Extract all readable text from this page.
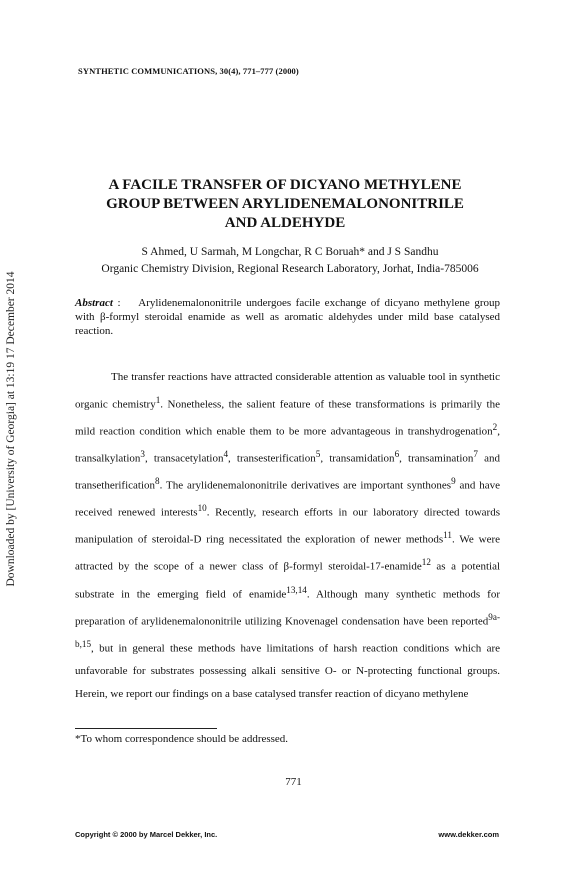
SYNTHETIC COMMUNICATIONS, 30(4), 771–777 (2000)
Downloaded by [University of Georgia] at 13:19 17 December 2014
A FACILE TRANSFER OF DICYANO METHYLENE
GROUP BETWEEN ARYLIDENEMALONONITRILE
AND ALDEHYDE
S Ahmed, U Sarmah, M Longchar, R C Boruah* and J S Sandhu
Organic Chemistry Division, Regional Research Laboratory, Jorhat, India-785006
Abstract : Arylidenemalononitrile undergoes facile exchange of dicyano methylene group with β-formyl steroidal enamide as well as aromatic aldehydes under mild base catalysed reaction.
The transfer reactions have attracted considerable attention as valuable tool in synthetic organic chemistry$^1$. Nonetheless, the salient feature of these transformations is primarily the mild reaction condition which enable them to be more advantageous in transhydrogenation$^2$, transalkylation$^3$, transacetylation$^4$, transesterification$^5$, transamidation$^6$, transamination$^7$ and transetherification$^8$. The arylidenemalononitrile derivatives are important synthones$^9$ and have received renewed interests$^{10}$. Recently, research efforts in our laboratory directed towards manipulation of steroidal-D ring necessitated the exploration of newer methods$^{11}$. We were attracted by the scope of a newer class of β-formyl steroidal-17-enamide$^{12}$ as a potential substrate in the emerging field of enamide$^{13,14}$. Although many synthetic methods for preparation of arylidenemalononitrile utilizing Knovenagel condensation have been reported$^{9a-b,15}$, but in general these methods have limitations of harsh reaction conditions which are unfavorable for substrates possessing alkali sensitive O- or N-protecting functional groups. Herein, we report our findings on a base catalysed transfer reaction of dicyano methylene
*To whom correspondence should be addressed.
771
Copyright © 2000 by Marcel Dekker, Inc.	www.dekker.com
